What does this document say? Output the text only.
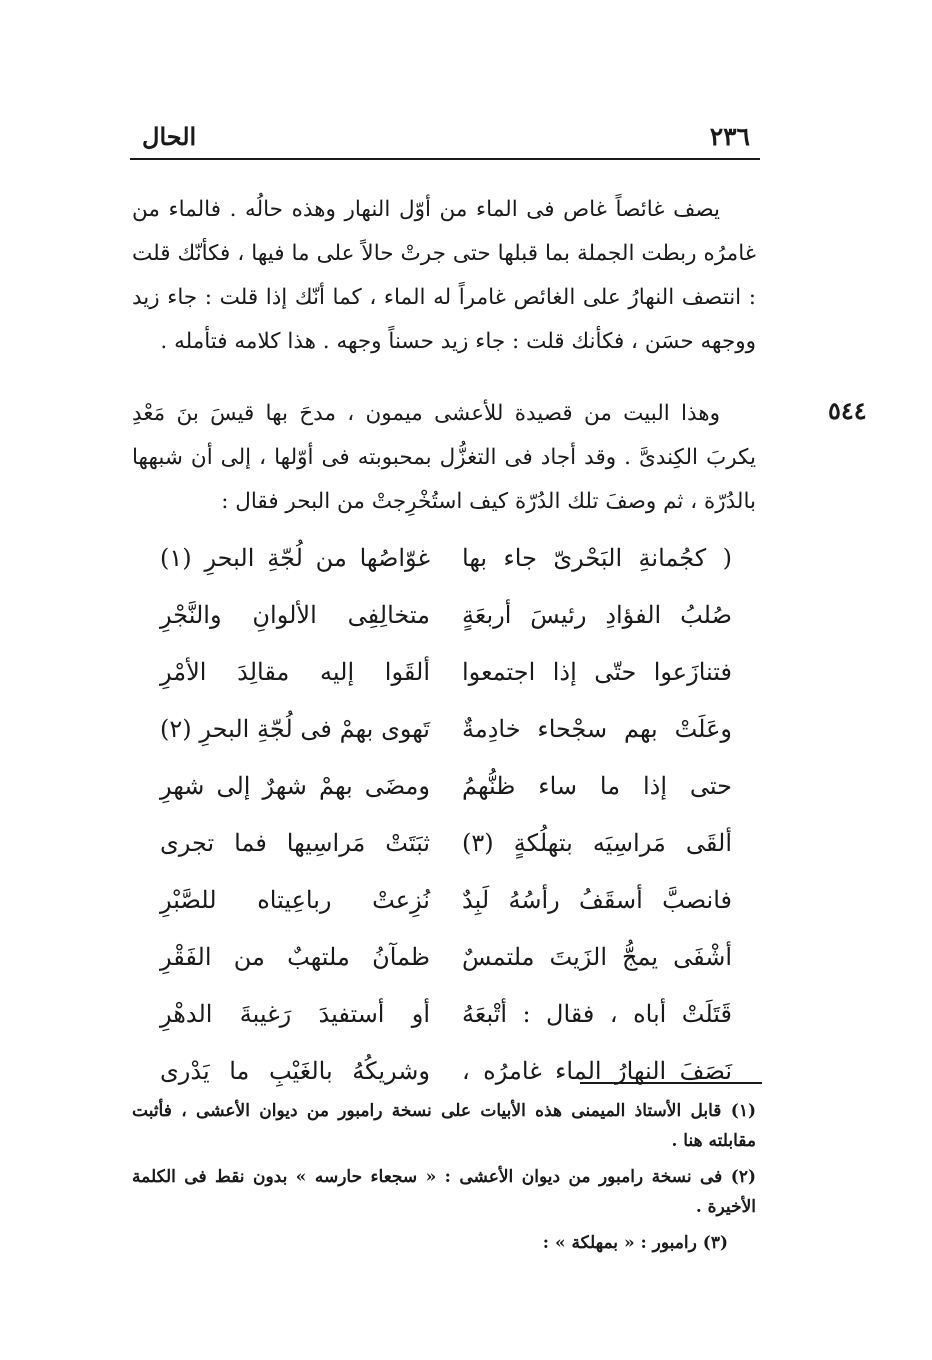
٢٣٦
الحال

يصف غائصاً غاص فى الماء من أوّل النهار وهذه حالُه . فالماء من غامرُه ربطت الجملة بما قبلها حتى جرتْ حالاً على ما فيها ، فكأنّك قلت : انتصف النهارُ على الغائص غامراً له الماء ، كما أنّك إذا قلت : جاء زيد ووجهه حسَن ، فكأنك قلت : جاء زيد حسناً وجهه . هذا كلامه فتأمله .

٥٤٤

وهذا البيت من قصيدة للأعشى ميمون ، مدحَ بها قيسَ بنَ مَعْدِ يكربَ الكِندىَّ . وقد أجاد فى التغزُّل بمحبوبته فى أوّلها ، إلى أن شبهها بالدُرّة ، ثم وصفَ تلك الدُرّة كيف استُخْرِجتْ من البحر فقال :

( كجُمانةِ البَحْرىّ جاء بها
غوّاصُها من لُجّةِ البحرِ (١)
صُلبُ الفؤادِ رئيسَ أربعَةٍ
متخالِفِى الألوانِ والنَّجْرِ
فتنازَعوا حتّى إذا اجتمعوا
ألقَوا إليه مقالِدَ الأمْرِ
وعَلَتْ بهم سجْحاء خادِمةٌ
تَهوى بهمْ فى لُجّةِ البحرِ (٢)
حتى إذا ما ساء ظنُّهمُ
ومضَى بهمْ شهرٌ إلى شهرِ
ألقَى مَراسِيَه بتهلُكةٍ (٣)
ثبَتَتْ مَراسِيها فما تجرى
فانصبَّ أسقَفُ رأسُهُ لَبِدٌ
نُزِعتْ رباعِيتاه للصَّبْرِ
أشْفَى يمجُّ الزَيتَ ملتمسٌ
ظمآنُ ملتهبٌ من الفَقْرِ
قَتَلَتْ أباه ، فقال : أتْبعَهُ
أو أستفيدَ رَغيبةَ الدهْرِ
نَصَفَ النهارُ الماء غامرُه ،
وشريكُهُ بالغَيْبِ ما يَدْرى

(١) قابل الأستاذ الميمنى هذه الأبيات على نسخة رامبور من ديوان الأعشى ، فأثبت مقابلته هنا .

(٢) فى نسخة رامبور من ديوان الأعشى : « سجعاء حارسه » بدون نقط فى الكلمة الأخيرة .

(٣) رامبور : « بمهلكة » :
